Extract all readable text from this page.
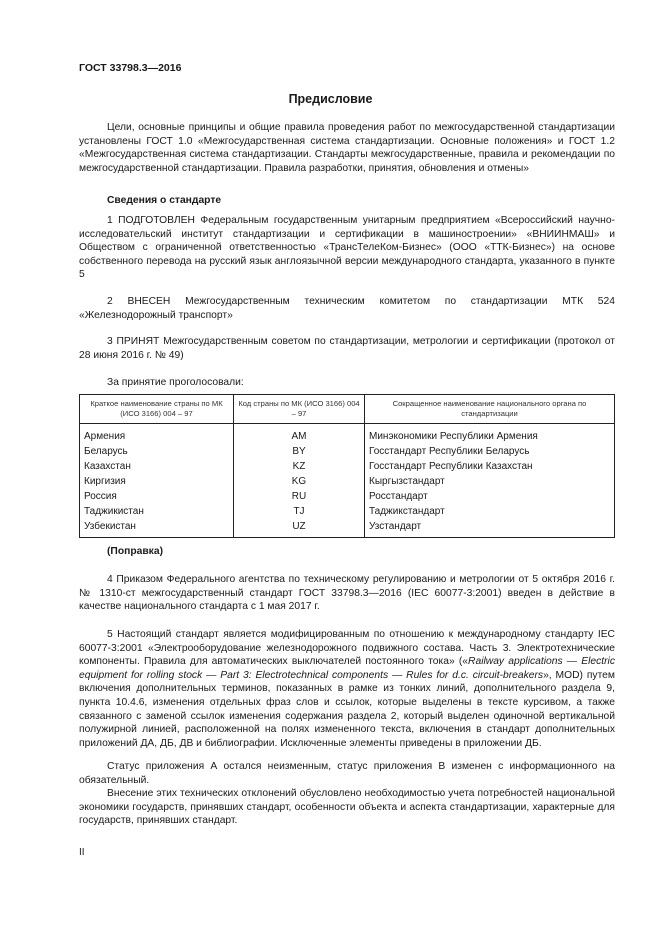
ГОСТ 33798.3—2016
Предисловие

Цели, основные принципы и общие правила проведения работ по межгосударственной стандартизации установлены ГОСТ 1.0 «Межгосударственная система стандартизации. Основные положения» и ГОСТ 1.2 «Межгосударственная система стандартизации. Стандарты межгосударственные, правила и рекомендации по межгосударственной стандартизации. Правила разработки, принятия, обновления и отмены»

Сведения о стандарте

1 ПОДГОТОВЛЕН Федеральным государственным унитарным предприятием «Всероссийский научно-исследовательский институт стандартизации и сертификации в машиностроении» «ВНИИНМАШ» и Обществом с ограниченной ответственностью «ТрансТелеКом-Бизнес» (ООО «ТТК-Бизнес») на основе собственного перевода на русский язык англоязычной версии международного стандарта, указанного в пункте 5

2 ВНЕСЕН Межгосударственным техническим комитетом по стандартизации МТК 524 «Железнодорожный транспорт»

3 ПРИНЯТ Межгосударственным советом по стандартизации, метрологии и сертификации (протокол от 28 июня 2016 г. № 49)

За принятие проголосовали:

Краткое наименование страны по МК (ИСО 3166) 004 – 97	Код страны по МК (ИСО 3166) 004 – 97	Сокращенное наименование национального органа по стандартизации
Армения	AM	Минэкономики Республики Армения
Беларусь	BY	Госстандарт Республики Беларусь
Казахстан	KZ	Госстандарт Республики Казахстан
Киргизия	KG	Кыргызстандарт
Россия	RU	Росстандарт
Таджикистан	TJ	Таджикстандарт
Узбекистан	UZ	Узстандарт

(Поправка)

4 Приказом Федерального агентства по техническому регулированию и метрологии от 5 октября 2016 г. № 1310-ст межгосударственный стандарт ГОСТ 33798.3—2016 (IEC 60077-3:2001) введен в действие в качестве национального стандарта с 1 мая 2017 г.

5 Настоящий стандарт является модифицированным по отношению к международному стандарту IEC 60077-3:2001 «Электрооборудование железнодорожного подвижного состава. Часть 3. Электротехнические компоненты. Правила для автоматических выключателей постоянного тока» («Railway applications — Electric equipment for rolling stock — Part 3: Electrotechnical components — Rules for d.c. circuit-breakers», MOD) путем включения дополнительных терминов, показанных в рамке из тонких линий, дополнительного раздела 9, пункта 10.4.6, изменения отдельных фраз слов и ссылок, которые выделены в тексте курсивом, а также связанного с заменой ссылок изменения содержания раздела 2, который выделен одиночной вертикальной полужирной линией, расположенной на полях измененного текста, включения в стандарт дополнительных приложений ДА, ДБ, ДВ и библиографии. Исключенные элементы приведены в приложении ДБ.

Статус приложения А остался неизменным, статус приложения В изменен с информационного на обязательный.

Внесение этих технических отклонений обусловлено необходимостью учета потребностей национальной экономики государств, принявших стандарт, особенности объекта и аспекта стандартизации, характерные для государств, принявших стандарт.

II
